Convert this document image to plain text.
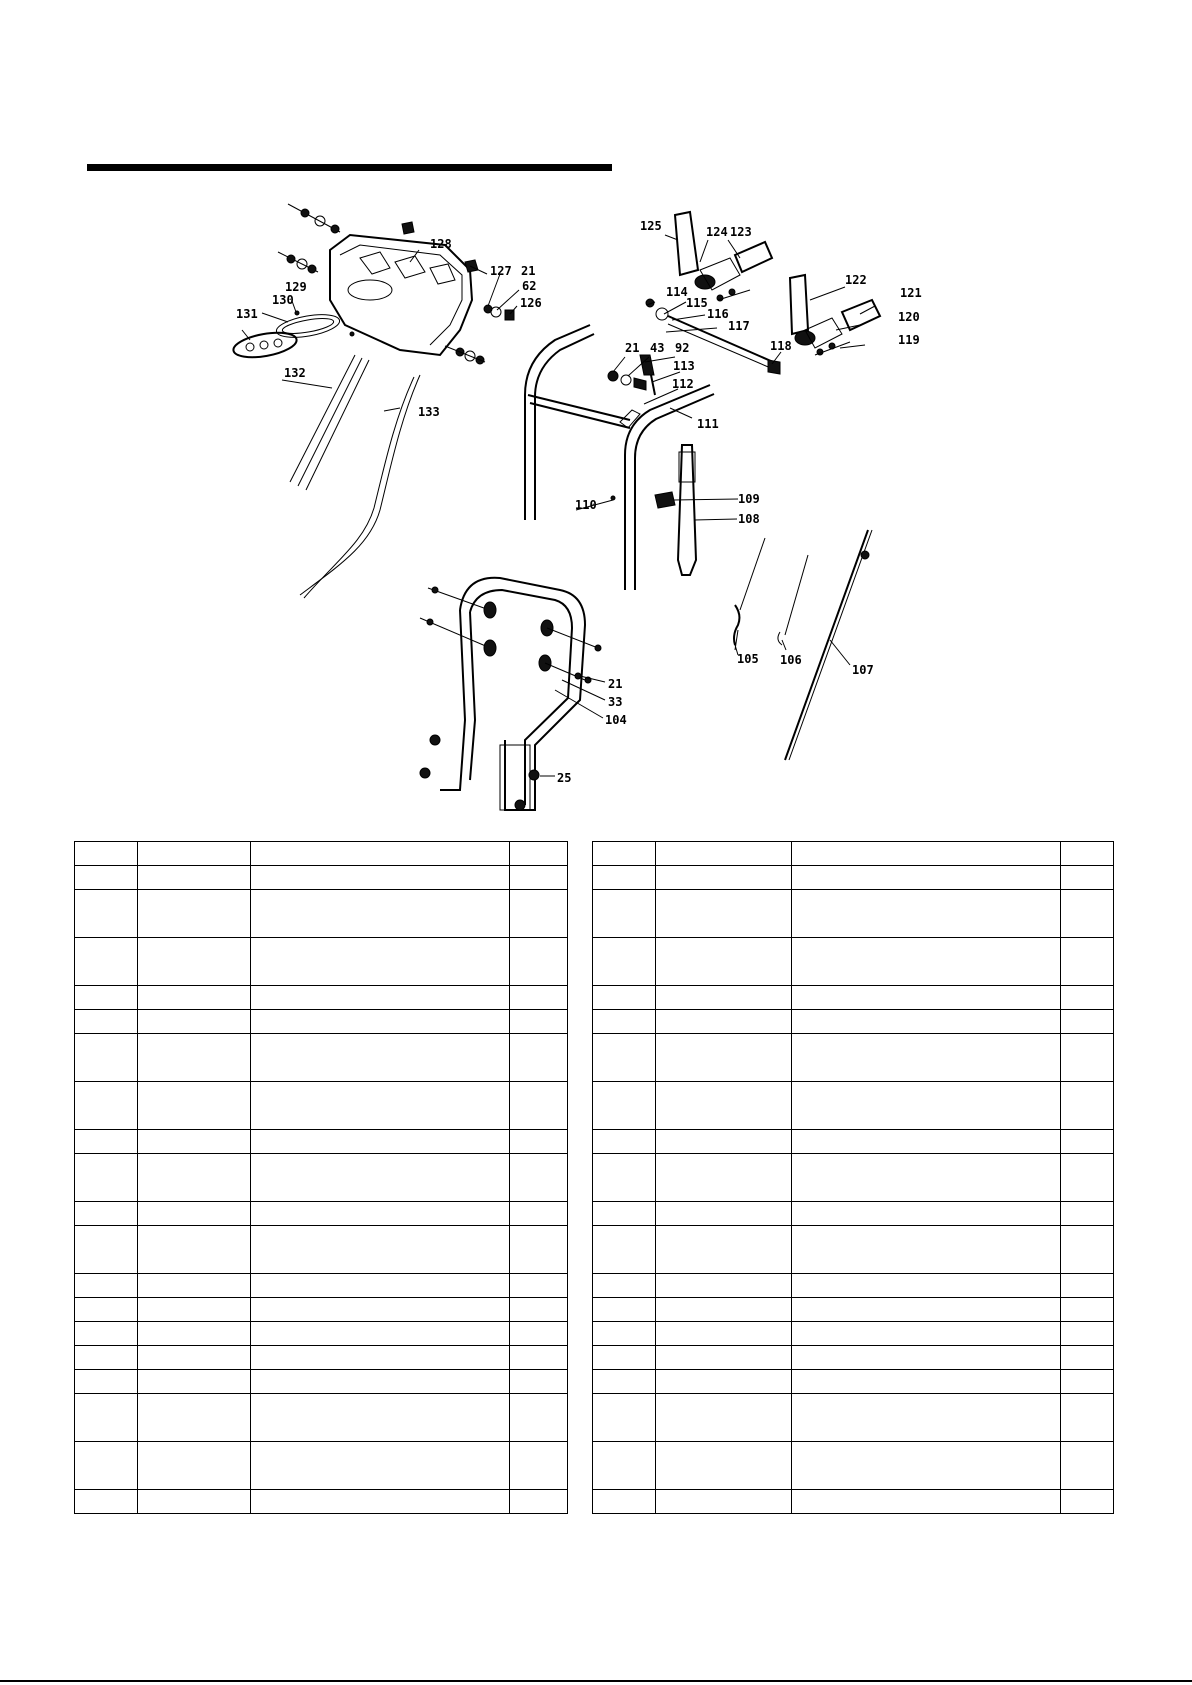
125	124 123
128
127 21
62
126
129
130
131
132
133
122
121
120
119
114
115
116
117
118
21 43 92
113
112
111
110	109
108
105 106
107
21
33
104
25
